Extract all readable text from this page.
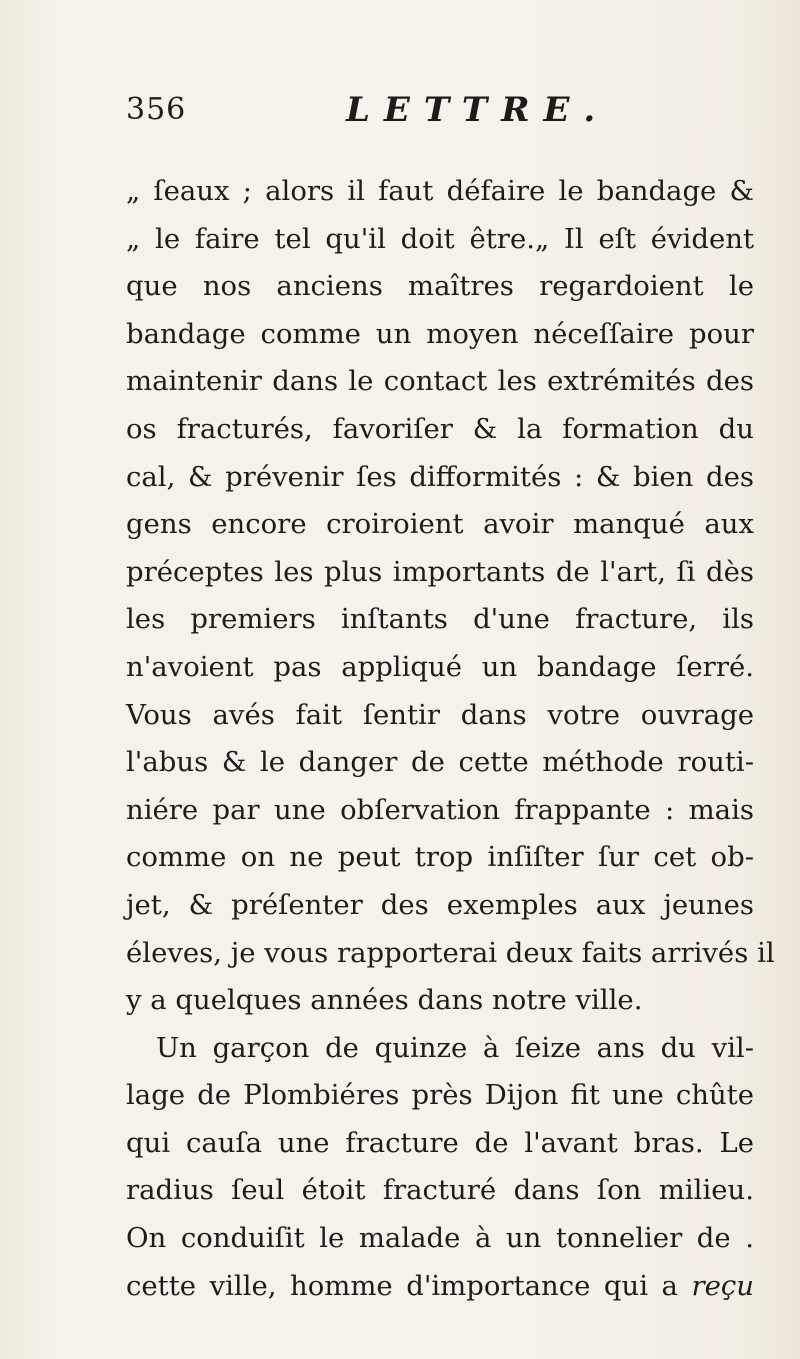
356	LETTRE.
„ ſeaux ; alors il faut défaire le bandage &
„ le faire tel qu'il doit être.„ Il eſt évident
que nos anciens maîtres regardoient le
bandage comme un moyen néceſſaire pour
maintenir dans le contact les extrémités des
os fracturés, favoriſer & la formation du
cal, & prévenir ſes difformités : & bien des
gens encore croiroient avoir manqué aux
préceptes les plus importants de l'art, ſi dès
les premiers inſtants d'une fracture, ils
n'avoient pas appliqué un bandage ſerré.
Vous avés fait ſentir dans votre ouvrage
l'abus & le danger de cette méthode routi-
niére par une obſervation frappante : mais
comme on ne peut trop inſiſter ſur cet ob-
jet, & préſenter des exemples aux jeunes
éleves, je vous rapporterai deux faits arrivés il
y a quelques années dans notre ville.
Un garçon de quinze à ſeize ans du vil-
lage de Plombiéres près Dijon fit une chûte
qui cauſa une fracture de l'avant bras. Le
radius ſeul étoit fracturé dans ſon milieu.
On conduiſit le malade à un tonnelier de .
cette ville, homme d'importance qui a reçu
